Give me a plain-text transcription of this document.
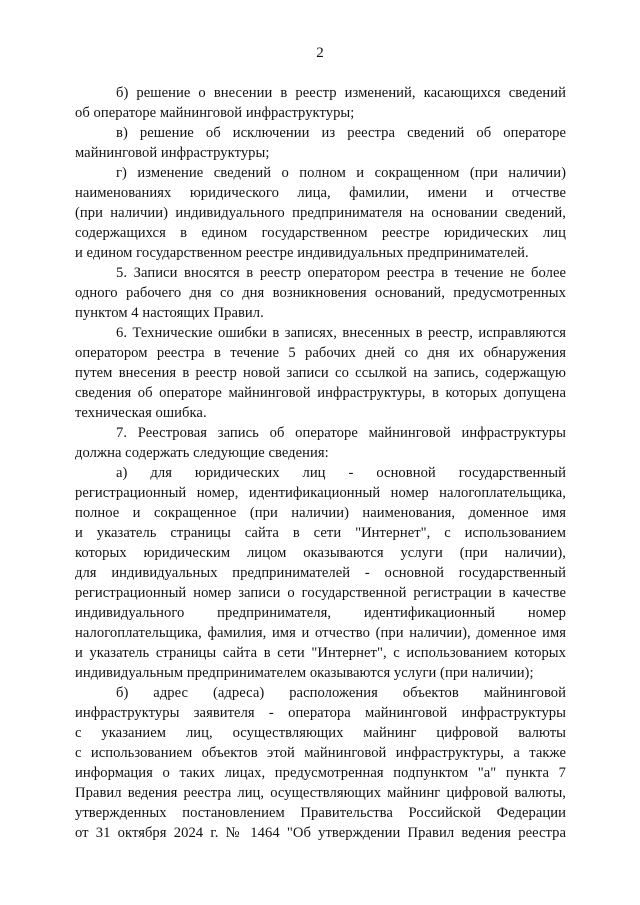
2
б) решение о внесении в реестр изменений, касающихся сведений
об операторе майнинговой инфраструктуры;
в) решение об исключении из реестра сведений об операторе
майнинговой инфраструктуры;
г) изменение сведений о полном и сокращенном (при наличии)
наименованиях юридического лица, фамилии, имени и отчестве
(при наличии) индивидуального предпринимателя на основании сведений,
содержащихся в едином государственном реестре юридических лиц
и едином государственном реестре индивидуальных предпринимателей.
5. Записи вносятся в реестр оператором реестра в течение не более
одного рабочего дня со дня возникновения оснований, предусмотренных
пунктом 4 настоящих Правил.
6. Технические ошибки в записях, внесенных в реестр, исправляются
оператором реестра в течение 5 рабочих дней со дня их обнаружения
путем внесения в реестр новой записи со ссылкой на запись, содержащую
сведения об операторе майнинговой инфраструктуры, в которых допущена
техническая ошибка.
7. Реестровая запись об операторе майнинговой инфраструктуры
должна содержать следующие сведения:
а) для юридических лиц - основной государственный
регистрационный номер, идентификационный номер налогоплательщика,
полное и сокращенное (при наличии) наименования, доменное имя
и указатель страницы сайта в сети "Интернет", с использованием
которых юридическим лицом оказываются услуги (при наличии),
для индивидуальных предпринимателей - основной государственный
регистрационный номер записи о государственной регистрации в качестве
индивидуального предпринимателя, идентификационный номер
налогоплательщика, фамилия, имя и отчество (при наличии), доменное имя
и указатель страницы сайта в сети "Интернет", с использованием которых
индивидуальным предпринимателем оказываются услуги (при наличии);
б) адрес (адреса) расположения объектов майнинговой
инфраструктуры заявителя - оператора майнинговой инфраструктуры
с указанием лиц, осуществляющих майнинг цифровой валюты
с использованием объектов этой майнинговой инфраструктуры, а также
информация о таких лицах, предусмотренная подпунктом "а" пункта 7
Правил ведения реестра лиц, осуществляющих майнинг цифровой валюты,
утвержденных постановлением Правительства Российской Федерации
от 31 октября 2024 г. № 1464 "Об утверждении Правил ведения реестра
